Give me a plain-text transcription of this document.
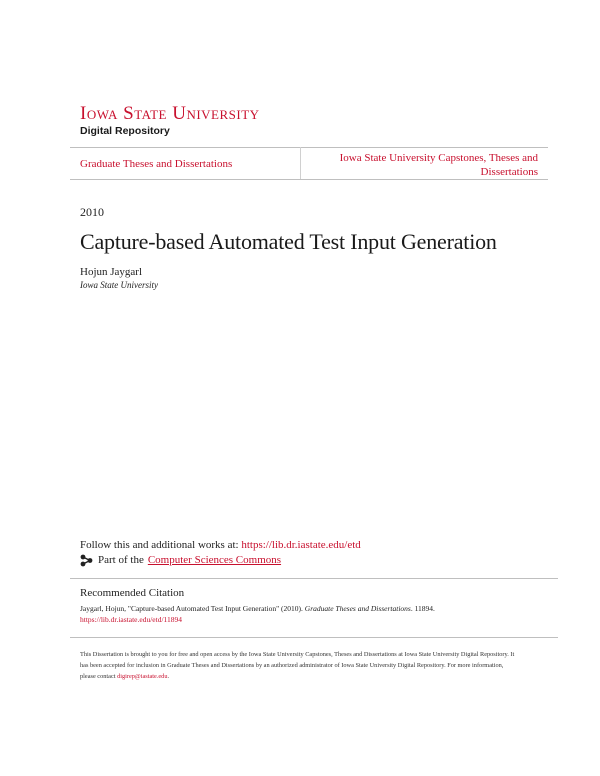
Iowa State University
Digital Repository
Graduate Theses and Dissertations	Iowa State University Capstones, Theses and Dissertations
2010
Capture-based Automated Test Input Generation
Hojun Jaygarl
Iowa State University
Follow this and additional works at: https://lib.dr.iastate.edu/etd
Part of the Computer Sciences Commons
Recommended Citation
Jaygarl, Hojun, "Capture-based Automated Test Input Generation" (2010). Graduate Theses and Dissertations. 11894.
https://lib.dr.iastate.edu/etd/11894
This Dissertation is brought to you for free and open access by the Iowa State University Capstones, Theses and Dissertations at Iowa State University Digital Repository. It has been accepted for inclusion in Graduate Theses and Dissertations by an authorized administrator of Iowa State University Digital Repository. For more information, please contact digirep@iastate.edu.
